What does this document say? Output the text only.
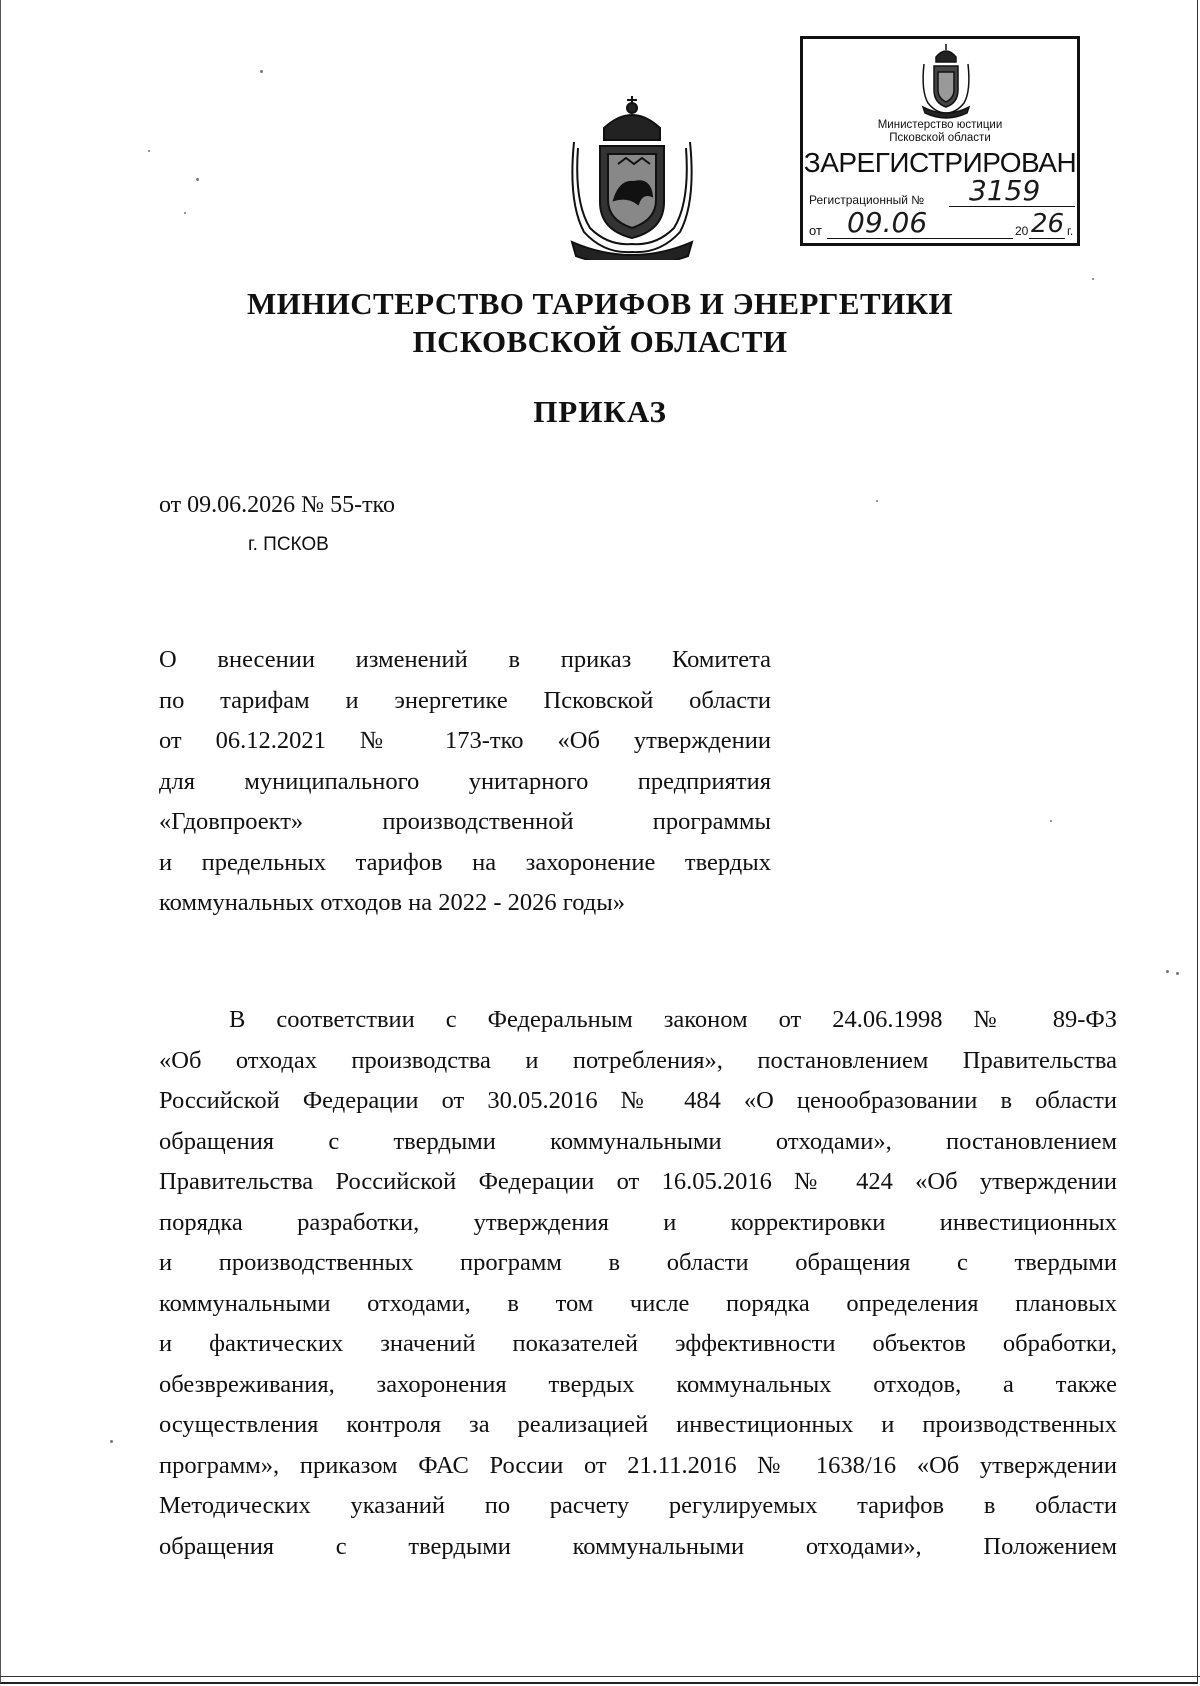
Министерство юстиции
Псковской области
ЗАРЕГИСТРИРОВАН
Регистрационный № 3159
от 09.06	20 26 г.
МИНИСТЕРСТВО ТАРИФОВ И ЭНЕРГЕТИКИ
ПСКОВСКОЙ ОБЛАСТИ
ПРИКАЗ
от 09.06.2026 № 55-тко
г. ПСКОВ
О внесении изменений в приказ Комитета
по тарифам и энергетике Псковской области
от 06.12.2021 № 173-тко «Об утверждении
для муниципального унитарного предприятия
«Гдовпроект» производственной программы
и предельных тарифов на захоронение твердых
коммунальных отходов на 2022 - 2026 годы»
В соответствии с Федеральным законом от 24.06.1998 № 89-ФЗ
«Об отходах производства и потребления», постановлением Правительства
Российской Федерации от 30.05.2016 № 484 «О ценообразовании в области
обращения с твердыми коммунальными отходами», постановлением
Правительства Российской Федерации от 16.05.2016 № 424 «Об утверждении
порядка разработки, утверждения и корректировки инвестиционных
и производственных программ в области обращения с твердыми
коммунальными отходами, в том числе порядка определения плановых
и фактических значений показателей эффективности объектов обработки,
обезвреживания, захоронения твердых коммунальных отходов, а также
осуществления контроля за реализацией инвестиционных и производственных
программ», приказом ФАС России от 21.11.2016 № 1638/16 «Об утверждении
Методических указаний по расчету регулируемых тарифов в области
обращения с твердыми коммунальными отходами», Положением
